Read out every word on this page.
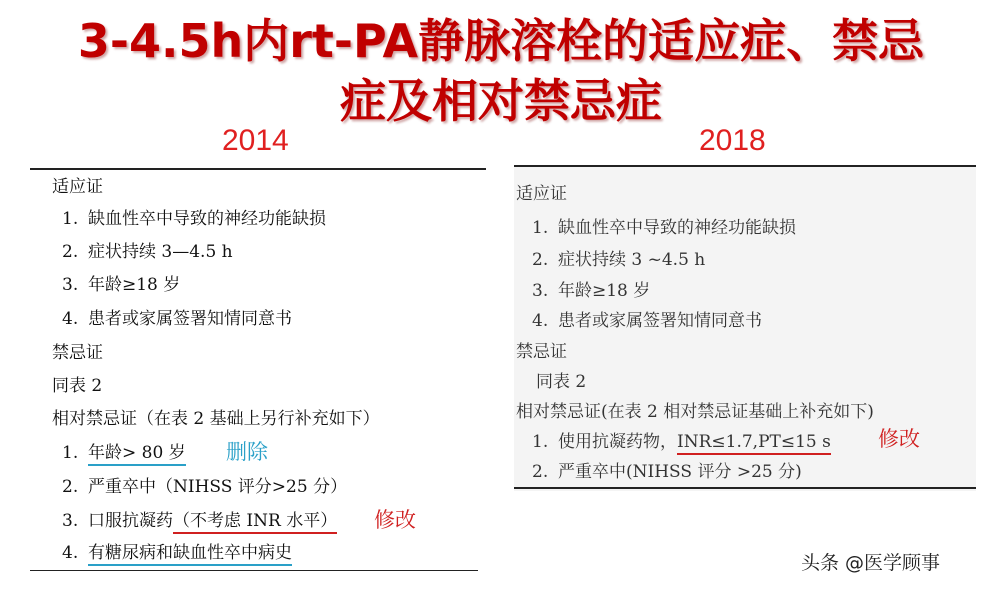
3-4.5h内rt-PA静脉溶栓的适应症、禁忌
症及相对禁忌症
2014	2018
适应证
1. 缺血性卒中导致的神经功能缺损
2. 症状持续 3—4.5 h
3. 年龄≥18 岁
4. 患者或家属签署知情同意书
禁忌证
同表 2
相对禁忌证（在表 2 基础上另行补充如下）
1. 年龄> 80 岁 删除
2. 严重卒中（NIHSS 评分>25 分）
3. 口服抗凝药（不考虑 INR 水平） 修改
4. 有糖尿病和缺血性卒中病史
适应证
1. 缺血性卒中导致的神经功能缺损
2. 症状持续 3 ~4.5 h
3. 年龄≥18 岁
4. 患者或家属签署知情同意书
禁忌证
同表 2
相对禁忌证(在表 2 相对禁忌证基础上补充如下)
1. 使用抗凝药物，INR≤1.7,PT≤15 s 修改
2. 严重卒中(NIHSS 评分 >25 分)
头条 @医学顾事
